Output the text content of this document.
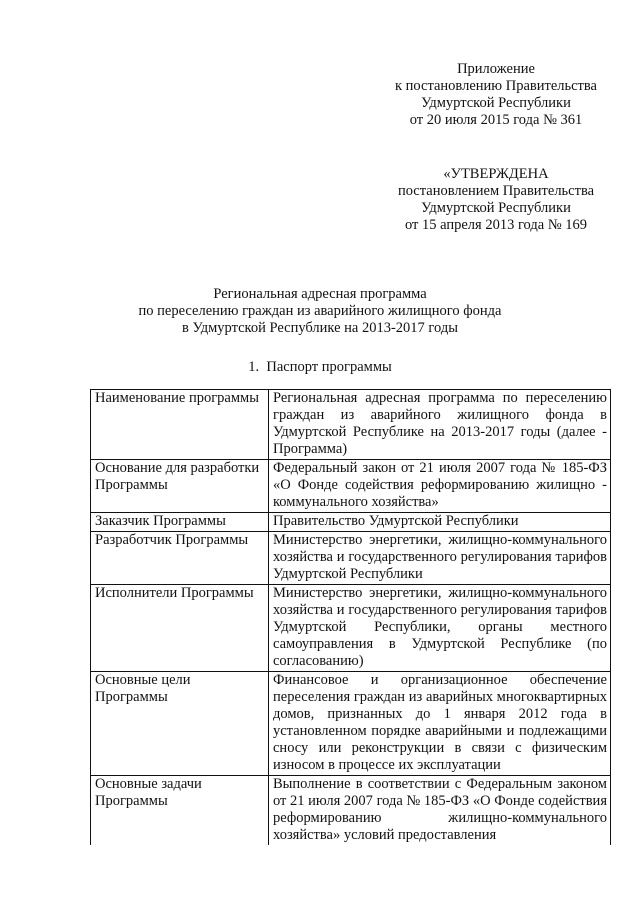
Приложение
к постановлению Правительства
Удмуртской Республики
от 20 июля 2015 года № 361
«УТВЕРЖДЕНА
постановлением Правительства
Удмуртской Республики
от 15 апреля 2013 года № 169
Региональная адресная программа
по переселению граждан из аварийного жилищного фонда
в Удмуртской Республике на 2013-2017 годы
1. Паспорт программы
Наименование программы	Региональная адресная программа по переселению граждан из аварийного жилищного фонда в Удмуртской Республике на 2013-2017 годы (далее - Программа)
Основание для разработки Программы	Федеральный закон от 21 июля 2007 года № 185-ФЗ «О Фонде содействия реформированию жилищно - коммунального хозяйства»
Заказчик Программы	Правительство Удмуртской Республики
Разработчик Программы	Министерство энергетики, жилищно-коммунального хозяйства и государственного регулирования тарифов Удмуртской Республики
Исполнители Программы	Министерство энергетики, жилищно-коммунального хозяйства и государственного регулирования тарифов Удмуртской Республики, органы местного самоуправления в Удмуртской Республике (по согласованию)
Основные цели Программы	Финансовое и организационное обеспечение переселения граждан из аварийных многоквартирных домов, признанных до 1 января 2012 года в установленном порядке аварийными и подлежащими сносу или реконструкции в связи с физическим износом в процессе их эксплуатации
Основные задачи Программы	Выполнение в соответствии с Федеральным законом от 21 июля 2007 года № 185-ФЗ «О Фонде содействия реформированию жилищно-коммунального хозяйства» условий предоставления
